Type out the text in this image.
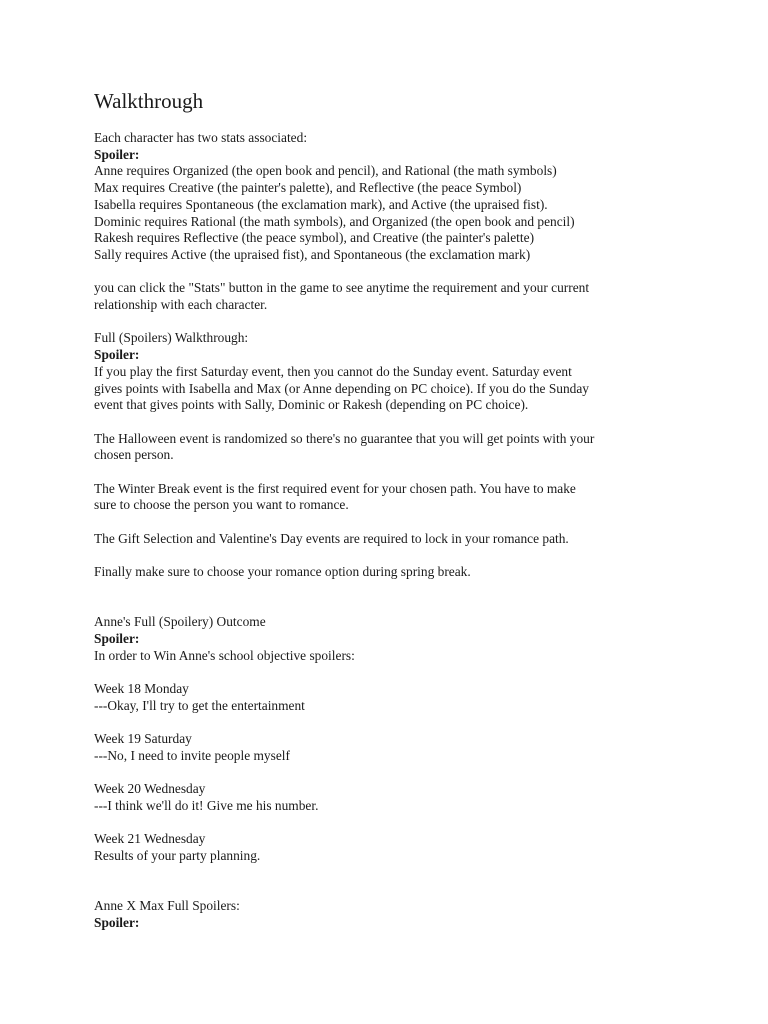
Walkthrough
Each character has two stats associated:
Spoiler:
Anne requires Organized (the open book and pencil), and Rational (the math symbols)
Max requires Creative (the painter's palette), and Reflective (the peace Symbol)
Isabella requires Spontaneous (the exclamation mark), and Active (the upraised fist).
Dominic requires Rational (the math symbols), and Organized (the open book and pencil)
Rakesh requires Reflective (the peace symbol), and Creative (the painter's palette)
Sally requires Active (the upraised fist), and Spontaneous (the exclamation mark)
you can click the "Stats" button in the game to see anytime the requirement and your current
relationship with each character.
Full (Spoilers) Walkthrough:
Spoiler:
If you play the first Saturday event, then you cannot do the Sunday event. Saturday event
gives points with Isabella and Max (or Anne depending on PC choice). If you do the Sunday
event that gives points with Sally, Dominic or Rakesh (depending on PC choice).
The Halloween event is randomized so there's no guarantee that you will get points with your
chosen person.
The Winter Break event is the first required event for your chosen path. You have to make
sure to choose the person you want to romance.
The Gift Selection and Valentine's Day events are required to lock in your romance path.
Finally make sure to choose your romance option during spring break.
Anne's Full (Spoilery) Outcome
Spoiler:
In order to Win Anne's school objective spoilers:
Week 18 Monday
---Okay, I'll try to get the entertainment
Week 19 Saturday
---No, I need to invite people myself
Week 20 Wednesday
---I think we'll do it! Give me his number.
Week 21 Wednesday
Results of your party planning.
Anne X Max Full Spoilers:
Spoiler:
